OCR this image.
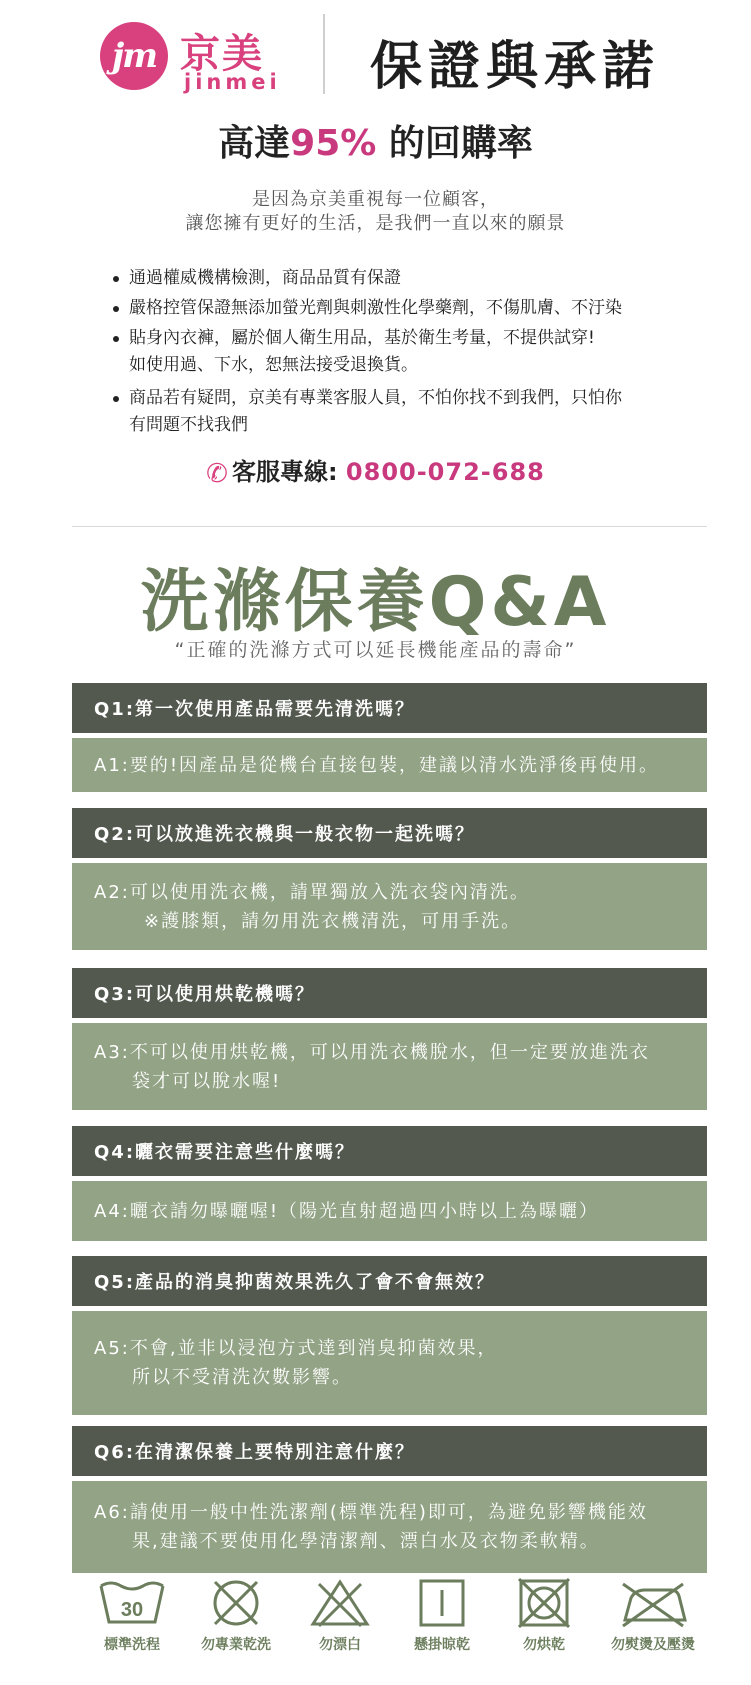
jm 京美
jinmei 保證與承諾
高達95% 的回購率
是因為京美重視每一位顧客，
讓您擁有更好的生活，是我們一直以來的願景
通過權威機構檢測，商品品質有保證
嚴格控管保證無添加螢光劑與刺激性化學藥劑，不傷肌膚、不汙染
貼身內衣褲，屬於個人衛生用品，基於衛生考量，不提供試穿!
如使用過、下水，恕無法接受退換貨。
商品若有疑問，京美有專業客服人員，不怕你找不到我們，只怕你
有問題不找我們
✆ 客服專線: 0800-072-688
洗滌保養Q&A
“正確的洗滌方式可以延長機能產品的壽命”
Q1:第一次使用產品需要先清洗嗎？
A1:要的!因產品是從機台直接包裝，建議以清水洗淨後再使用。
Q2:可以放進洗衣機與一般衣物一起洗嗎？
A2:可以使用洗衣機，請單獨放入洗衣袋內清洗。
※護膝類，請勿用洗衣機清洗，可用手洗。
Q3:可以使用烘乾機嗎？
A3:不可以使用烘乾機，可以用洗衣機脫水，但一定要放進洗衣
袋才可以脫水喔!
Q4:曬衣需要注意些什麼嗎？
A4:曬衣請勿曝曬喔!（陽光直射超過四小時以上為曝曬）
Q5:產品的消臭抑菌效果洗久了會不會無效？
A5:不會,並非以浸泡方式達到消臭抑菌效果，
所以不受清洗次數影響。
Q6:在清潔保養上要特別注意什麼？
A6:請使用一般中性洗潔劑(標準洗程)即可，為避免影響機能效
果,建議不要使用化學清潔劑、漂白水及衣物柔軟精。
30
標準洗程	勿專業乾洗	勿漂白	懸掛晾乾	勿烘乾	勿熨燙及壓燙
